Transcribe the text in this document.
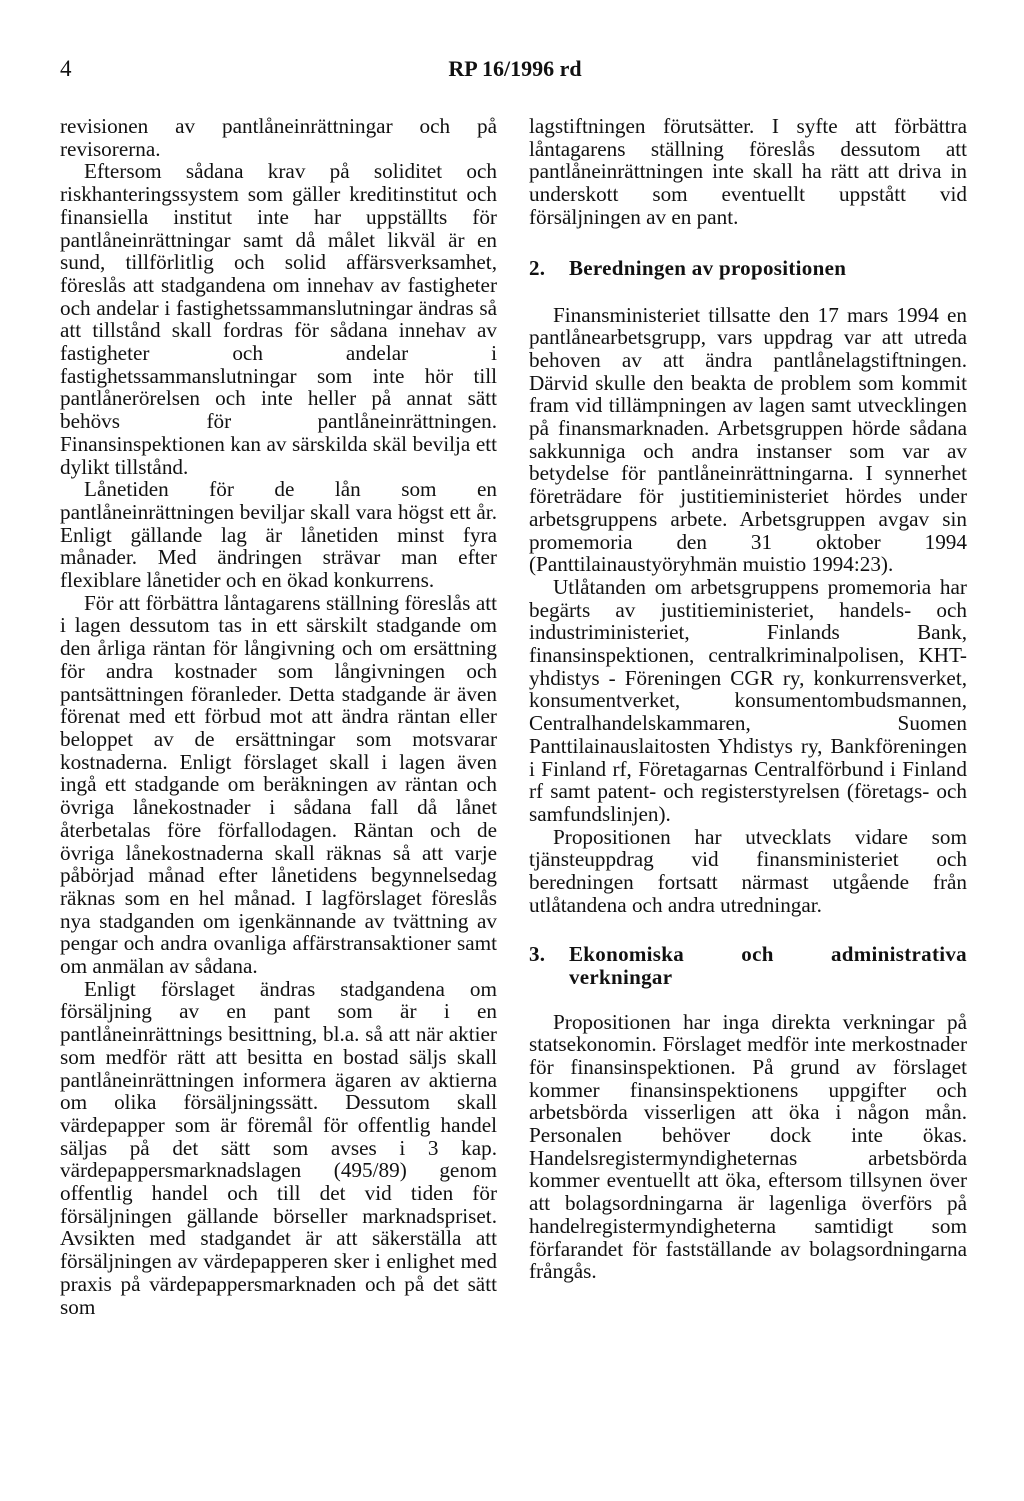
4	RP 16/1996 rd

revisionen av pantlåneinrättningar och på revisorerna.

Eftersom sådana krav på soliditet och riskhanteringssystem som gäller kreditinstitut och finansiella institut inte har uppställts för pantlåneinrättningar samt då målet likväl är en sund, tillförlitlig och solid affärsverksamhet, föreslås att stadgandena om innehav av fastigheter och andelar i fastighetssammanslutningar ändras så att tillstånd skall fordras för sådana innehav av fastigheter och andelar i fastighetssammanslutningar som inte hör till pantlånerörelsen och inte heller på annat sätt behövs för pantlåneinrättningen. Finansinspektionen kan av särskilda skäl bevilja ett dylikt tillstånd.

Lånetiden för de lån som en pantlåneinrättningen beviljar skall vara högst ett år. Enligt gällande lag är lånetiden minst fyra månader. Med ändringen strävar man efter flexiblare lånetider och en ökad konkurrens.

För att förbättra låntagarens ställning föreslås att i lagen dessutom tas in ett särskilt stadgande om den årliga räntan för långivning och om ersättning för andra kostnader som långivningen och pantsättningen föranleder. Detta stadgande är även förenat med ett förbud mot att ändra räntan eller beloppet av de ersättningar som motsvarar kostnaderna. Enligt förslaget skall i lagen även ingå ett stadgande om beräkningen av räntan och övriga lånekostnader i sådana fall då lånet återbetalas före förfallodagen. Räntan och de övriga lånekostnaderna skall räknas så att varje påbörjad månad efter lånetidens begynnelsedag räknas som en hel månad. I lagförslaget föreslås nya stadganden om igenkännande av tvättning av pengar och andra ovanliga affärstransaktioner samt om anmälan av sådana.

Enligt förslaget ändras stadgandena om försäljning av en pant som är i en pantlåneinrättnings besittning, bl.a. så att när aktier som medför rätt att besitta en bostad säljs skall pantlåneinrättningen informera ägaren av aktierna om olika försäljningssätt. Dessutom skall värdepapper som är föremål för offentlig handel säljas på det sätt som avses i 3 kap. värdepappersmarknadslagen (495/89) genom offentlig handel och till det vid tiden för försäljningen gällande börseller marknadspriset. Avsikten med stadgandet är att säkerställa att försäljningen av värdepapperen sker i enlighet med praxis på värdepappersmarknaden och på det sätt som

lagstiftningen förutsätter. I syfte att förbättra låntagarens ställning föreslås dessutom att pantlåneinrättningen inte skall ha rätt att driva in underskott som eventuellt uppstått vid försäljningen av en pant.

2.	Beredningen av propositionen

Finansministeriet tillsatte den 17 mars 1994 en pantlånearbetsgrupp, vars uppdrag var att utreda behoven av att ändra pantlånelagstiftningen. Därvid skulle den beakta de problem som kommit fram vid tillämpningen av lagen samt utvecklingen på finansmarknaden. Arbetsgruppen hörde sådana sakkunniga och andra instanser som var av betydelse för pantlåneinrättningarna. I synnerhet företrädare för justitieministeriet hördes under arbetsgruppens arbete. Arbetsgruppen avgav sin promemoria den 31 oktober 1994 (Panttilainaustyöryhmän muistio 1994:23).

Utlåtanden om arbetsgruppens promemoria har begärts av justitieministeriet, handels- och industriministeriet, Finlands Bank, finansinspektionen, centralkriminalpolisen, KHT-yhdistys - Föreningen CGR ry, konkurrensverket, konsumentverket, konsumentombudsmannen, Centralhandelskammaren, Suomen Panttilainauslaitosten Yhdistys ry, Bankföreningen i Finland rf, Företagarnas Centralförbund i Finland rf samt patent- och registerstyrelsen (företags- och samfundslinjen).

Propositionen har utvecklats vidare som tjänsteuppdrag vid finansministeriet och beredningen fortsatt närmast utgående från utlåtandena och andra utredningar.

3.	Ekonomiska och administrativa verkningar

Propositionen har inga direkta verkningar på statsekonomin. Förslaget medför inte merkostnader för finansinspektionen. På grund av förslaget kommer finansinspektionens uppgifter och arbetsbörda visserligen att öka i någon mån. Personalen behöver dock inte ökas. Handelsregistermyndigheternas arbetsbörda kommer eventuellt att öka, eftersom tillsynen över att bolagsordningarna är lagenliga överförs på handelregistermyndigheterna samtidigt som förfarandet för fastställande av bolagsordningarna frångås.
